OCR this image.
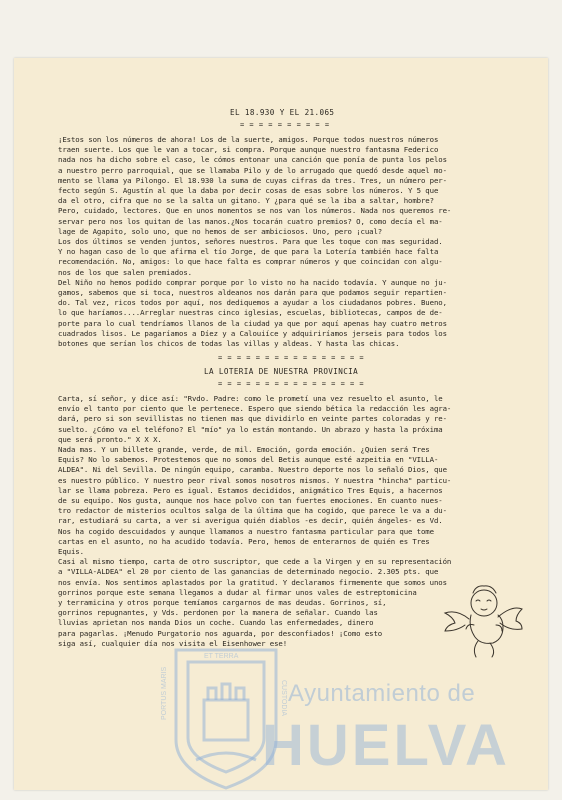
EL 18.930 Y EL 21.065

= = = = = = = = = =

¡Estos son los números de ahora! Los de la suerte, amigos. Porque todos nuestros números
traen suerte. Los que le van a tocar, si compra. Porque aunque nuestro fantasma Federico
nada nos ha dicho sobre el caso, le cómos entonar una canción que ponía de punta los pelos
a nuestro perro parroquial, que se llamaba Pilo y de lo arrugado que quedó desde aquel mo-
mento se llama ya Pilongo. El 18.930 la suma de cuyas cifras da tres. Tres, un número per-
fecto según S. Agustín al que la daba por decir cosas de esas sobre los números. Y 5 que
da el otro, cifra que no se la salta un gitano. Y ¿para qué se la iba a saltar, hombre?
Pero, cuidado, lectores. Que en unos momentos se nos van los números. Nada nos queremos re-
servar pero nos los quitan de las manos.¿Nos tocarán cuatro premios? O, como decía el ma-
lage de Agapito, solo uno, que no hemos de ser ambiciosos. Uno, pero ¡cual?
Los dos últimos se venden juntos, señores nuestros. Para que les toque con mas seguridad.
Y no hagan caso de lo que afirma el tío Jorge, de que para la Lotería también hace falta
recomendación. No, amigos: lo que hace falta es comprar números y que coincidan con algu-
nos de los que salen premiados.
Del Niño no hemos podido comprar porque por lo visto no ha nacido todavía. Y aunque no ju-
gamos, sabemos que si toca, nuestros aldeanos nos darán para que podamos seguir repartien-
do. Tal vez, ricos todos por aquí, nos dediquemos a ayudar a los ciudadanos pobres. Bueno,
lo que haríamos....Arreglar nuestras cinco iglesias, escuelas, bibliotecas, campos de de-
porte para lo cual tendríamos llanos de la ciudad ya que por aquí apenas hay cuatro metros
cuadrados lisos. Le pagaríamos a Díez y a Calouiíce y adquiriríamos jerseis para todos los
botones que serían los chicos de todas las villas y aldeas. Y hasta las chicas.

= = = = = = = = = = = = = = = =

LA LOTERIA DE NUESTRA PROVINCIA

= = = = = = = = = = = = = = = =

Carta, sí señor, y dice así: "Rvdo. Padre: como le prometí una vez resuelto el asunto, le
envío el tanto por ciento que le pertenece. Espero que siendo bética la redacción les agra-
dará, pero si son sevillistas no tienen mas que dividirlo en veinte partes coloradas y re-
suelto. ¿Cómo va el teléfono? El "mío" ya lo están montando. Un abrazo y hasta la próxima
que será pronto." X X X.
Nada mas. Y un billete grande, verde, de mil. Emoción, gorda emoción. ¿Quien será Tres
Equis? No lo sabemos. Protestemos que no somos del Betis aunque esté azpeitia en "VILLA-
ALDEA". Ni del Sevilla. De ningún equipo, caramba. Nuestro deporte nos lo señaló Dios, que
es nuestro público. Y nuestro peor rival somos nosotros mismos. Y nuestra "hincha" particu-
lar se llama pobreza. Pero es igual. Estamos decididos, anigmático Tres Equis, a hacernos
de su equipo. Nos gusta, aunque nos hace polvo con tan fuertes emociones. En cuanto nues-
tro redactor de misterios ocultos salga de la última que ha cogido, que parece le va a du-
rar, estudiará su carta, a ver si averigua quién diablos -es decir, quién ángeles- es Vd.
Nos ha cogido descuidados y aunque llamamos a nuestro fantasma particular para que tome
cartas en el asunto, no ha acudido todavía. Pero, hemos de enterarnos de quién es Tres
Equis.
Casi al mismo tiempo, carta de otro suscriptor, que cede a la Virgen y en su representación
a "VILLA-ALDEA" el 20 por ciento de las ganancias de determinado negocio. 2.305 pts. que
nos envía. Nos sentimos aplastados por la gratitud. Y declaramos firmemente que somos unos
gorrinos porque este semana llegamos a dudar al firmar unos vales de estreptomicina
y terramicina y otros porque temíamos cargarnos de mas deudas. Gorrinos, sí,
gorrinos repugnantes, y Vds. perdonen por la manera de señalar. Cuando las
lluvias aprietan nos manda Dios un coche. Cuando las enfermedades, dinero
para pagarlas. ¡Menudo Purgatorio nos aguarda, por desconfiados! ¡Como esto
siga así, cualquier día nos visita el Eisenhower ese!
ET TERRA
PORTUS MARIS	CUSTODIA Ayuntamiento de
HUELVA
